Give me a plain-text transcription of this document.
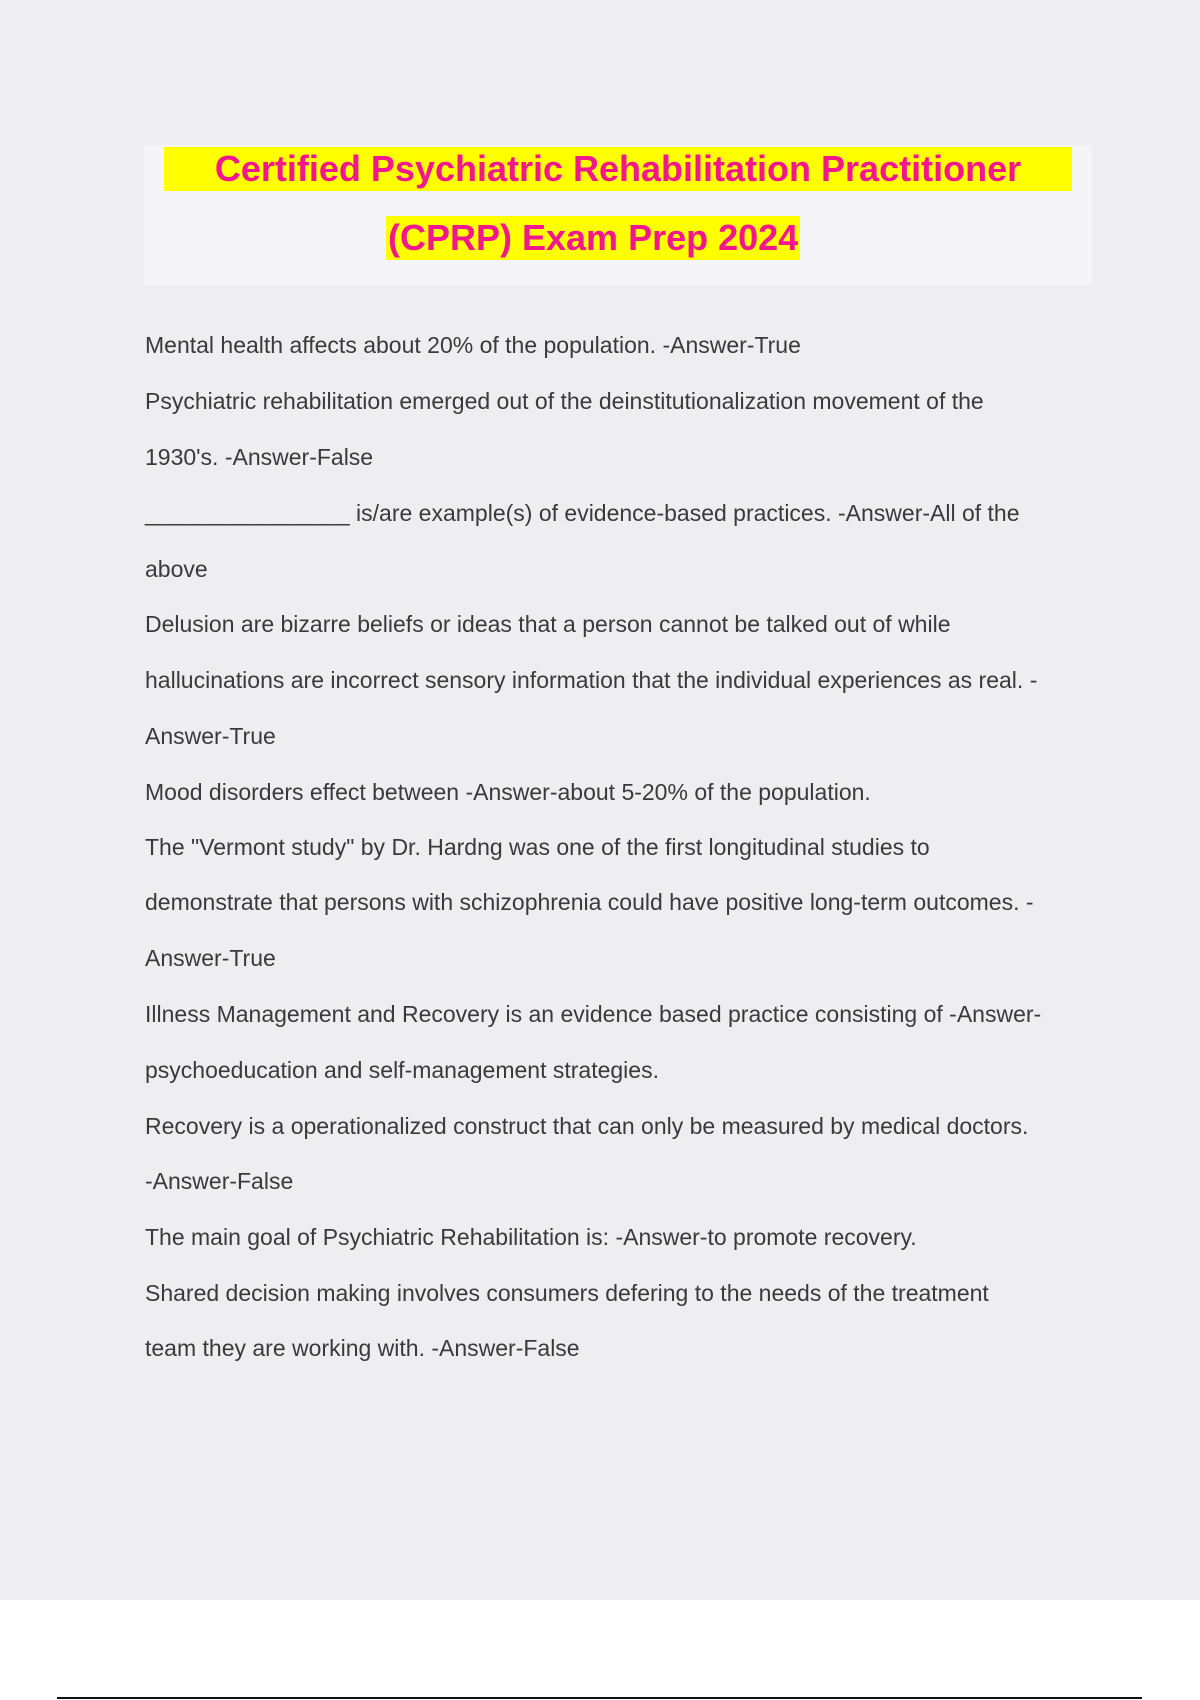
Certified Psychiatric Rehabilitation Practitioner
(CPRP) Exam Prep 2024
Mental health affects about 20% of the population. -Answer-True
Psychiatric rehabilitation emerged out of the deinstitutionalization movement of the
1930's. -Answer-False
________________ is/are example(s) of evidence-based practices. -Answer-All of the
above
Delusion are bizarre beliefs or ideas that a person cannot be talked out of while
hallucinations are incorrect sensory information that the individual experiences as real. -
Answer-True
Mood disorders effect between -Answer-about 5-20% of the population.
The "Vermont study" by Dr. Hardng was one of the first longitudinal studies to
demonstrate that persons with schizophrenia could have positive long-term outcomes. -
Answer-True
Illness Management and Recovery is an evidence based practice consisting of -Answer-
psychoeducation and self-management strategies.
Recovery is a operationalized construct that can only be measured by medical doctors.
-Answer-False
The main goal of Psychiatric Rehabilitation is: -Answer-to promote recovery.
Shared decision making involves consumers defering to the needs of the treatment
team they are working with. -Answer-False
